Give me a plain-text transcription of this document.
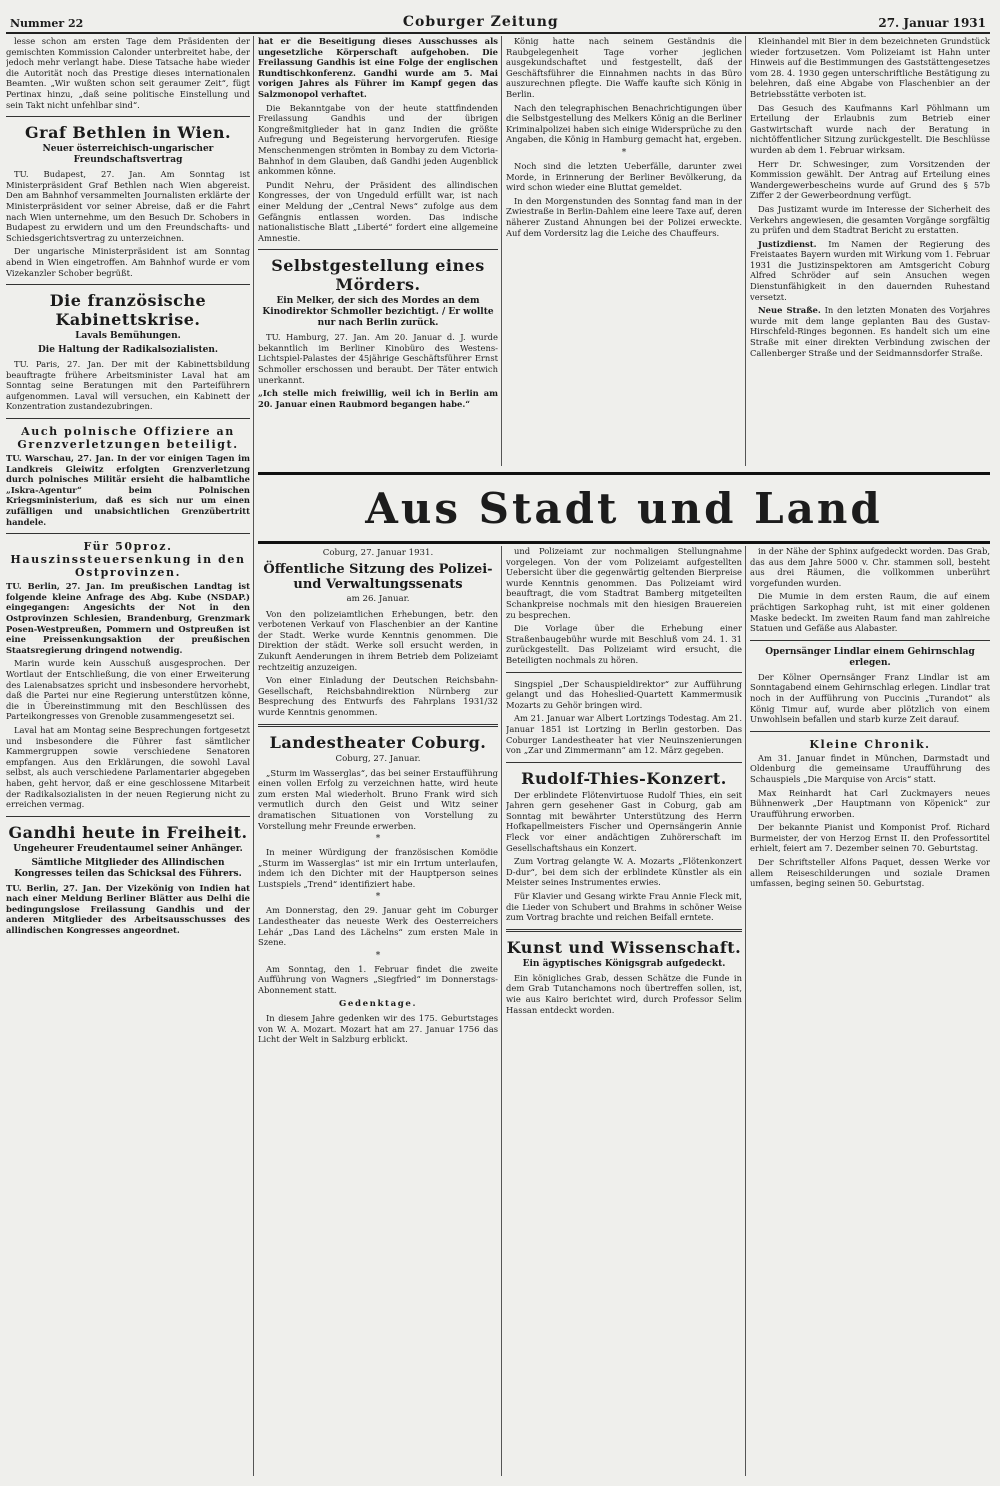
Nummer 22	Coburger Zeitung	27. Januar 1931

lesse schon am ersten Tage dem Präsidenten der gemischten Kommission Calonder unterbreitet habe, der jedoch mehr verlangt habe. Diese Tatsache habe wieder die Autorität noch das Prestige dieses internationalen Beamten. „Wir wußten schon seit geraumer Zeit“, fügt Pertinax hinzu, „daß seine politische Einstellung und sein Takt nicht unfehlbar sind“.

Graf Bethlen in Wien.
Neuer österreichisch-ungarischer Freundschaftsvertrag

TU. Budapest, 27. Jan. Am Sonntag ist Ministerpräsident Graf Bethlen nach Wien abgereist. Den am Bahnhof versammelten Journalisten erklärte der Ministerpräsident vor seiner Abreise, daß er die Fahrt nach Wien unternehme, um den Besuch Dr. Schobers in Budapest zu erwidern und um den Freundschafts- und Schiedsgerichtsvertrag zu unterzeichnen.

Der ungarische Ministerpräsident ist am Sonntag abend in Wien eingetroffen. Am Bahnhof wurde er vom Vizekanzler Schober begrüßt.

Die französische Kabinettskrise.
Lavals Bemühungen.
Die Haltung der Radikalsozialisten.

TU. Paris, 27. Jan. Der mit der Kabinettsbildung beauftragte frühere Arbeitsminister Laval hat am Sonntag seine Beratungen mit den Parteiführern aufgenommen. Laval will versuchen, ein Kabinett der Konzentration zustandezubringen.

Auch polnische Offiziere an Grenzverletzungen beteiligt.

TU. Warschau, 27. Jan. In der vor einigen Tagen im Landkreis Gleiwitz erfolgten Grenzverletzung durch polnisches Militär ersieht die halbamtliche „Iskra-Agentur“ beim Polnischen Kriegsministerium, daß es sich nur um einen zufälligen und unabsichtlichen Grenzübertritt handele.

Für 50proz. Hauszinssteuersenkung in den Ostprovinzen.

TU. Berlin, 27. Jan. Im preußischen Landtag ist folgende kleine Anfrage des Abg. Kube (NSDAP.) eingegangen: Angesichts der Not in den Ostprovinzen Schlesien, Brandenburg, Grenzmark Posen-Westpreußen, Pommern und Ostpreußen ist eine Preissenkungsaktion der preußischen Staatsregierung dringend notwendig.

Marin wurde kein Ausschuß ausgesprochen. Der Wortlaut der Entschließung, die von einer Erweiterung des Laienabsatzes spricht und insbesondere hervorhebt, daß die Partei nur eine Regierung unterstützen könne, die in Übereinstimmung mit den Beschlüssen des Parteikongresses von Grenoble zusammengesetzt sei.

Laval hat am Montag seine Besprechungen fortgesetzt und insbesondere die Führer fast sämtlicher Kammergruppen sowie verschiedene Senatoren empfangen. Aus den Erklärungen, die sowohl Laval selbst, als auch verschiedene Parlamentarier abgegeben haben, geht hervor, daß er eine geschlossene Mitarbeit der Radikalsozialisten in der neuen Regierung nicht zu erreichen vermag.

Gandhi heute in Freiheit.
Ungeheurer Freudentaumel seiner Anhänger.
Sämtliche Mitglieder des Allindischen Kongresses teilen das Schicksal des Führers.

TU. Berlin, 27. Jan. Der Vizekönig von Indien hat nach einer Meldung Berliner Blätter aus Delhi die bedingungslose Freilassung Gandhis und der anderen Mitglieder des Arbeitsausschusses des allindischen Kongresses angeordnet.

hat er die Beseitigung dieses Ausschusses als ungesetzliche Körperschaft aufgehoben. Die Freilassung Gandhis ist eine Folge der englischen Rundtischkonferenz. Gandhi wurde am 5. Mai vorigen Jahres als Führer im Kampf gegen das Salzmonopol verhaftet.

Die Bekanntgabe von der heute stattfindenden Freilassung Gandhis und der übrigen Kongreßmitglieder hat in ganz Indien die größte Aufregung und Begeisterung hervorgerufen. Riesige Menschenmengen strömten in Bombay zu dem Victoria-Bahnhof in dem Glauben, daß Gandhi jeden Augenblick ankommen könne.

Pundit Nehru, der Präsident des allindischen Kongresses, der von Ungeduld erfüllt war, ist nach einer Meldung der „Central News“ zufolge aus dem Gefängnis entlassen worden. Das indische nationalistische Blatt „Liberté“ fordert eine allgemeine Amnestie.

Selbstgestellung eines Mörders.
Ein Melker, der sich des Mordes an dem Kinodirektor Schmoller bezichtigt. / Er wollte nur nach Berlin zurück.

TU. Hamburg, 27. Jan. Am 20. Januar d. J. wurde bekanntlich im Berliner Kinobüro des Westens-Lichtspiel-Palastes der 45jährige Geschäftsführer Ernst Schmoller erschossen und beraubt. Der Täter entwich unerkannt.

„Ich stelle mich freiwillig, weil ich in Berlin am 20. Januar einen Raubmord begangen habe.“

König hatte nach seinem Geständnis die Raubgelegenheit Tage vorher jeglichen ausgekundschaftet und festgestellt, daß der Geschäftsführer die Einnahmen nachts in das Büro auszurechnen pflegte. Die Waffe kaufte sich König in Berlin.

Nach den telegraphischen Benachrichtigungen über die Selbstgestellung des Melkers König an die Berliner Kriminalpolizei haben sich einige Widersprüche zu den Angaben, die König in Hamburg gemacht hat, ergeben.

*

Noch sind die letzten Ueberfälle, darunter zwei Morde, in Erinnerung der Berliner Bevölkerung, da wird schon wieder eine Bluttat gemeldet.

In den Morgenstunden des Sonntag fand man in der Zwiestraße in Berlin-Dahlem eine leere Taxe auf, deren näherer Zustand Ahnungen bei der Polizei erweckte. Auf dem Vordersitz lag die Leiche des Chauffeurs.

Kleinhandel mit Bier in dem bezeichneten Grundstück wieder fortzusetzen. Vom Polizeiamt ist Hahn unter Hinweis auf die Bestimmungen des Gaststättengesetzes vom 28. 4. 1930 gegen unterschriftliche Bestätigung zu belehren, daß eine Abgabe von Flaschenbier an der Betriebsstätte verboten ist.

Das Gesuch des Kaufmanns Karl Pöhlmann um Erteilung der Erlaubnis zum Betrieb einer Gastwirtschaft wurde nach der Beratung in nichtöffentlicher Sitzung zurückgestellt. Die Beschlüsse wurden ab dem 1. Februar wirksam.

Herr Dr. Schwesinger, zum Vorsitzenden der Kommission gewählt. Der Antrag auf Erteilung eines Wandergewerbescheins wurde auf Grund des § 57b Ziffer 2 der Gewerbeordnung verfügt.

Das Justizamt wurde im Interesse der Sicherheit des Verkehrs angewiesen, die gesamten Vorgänge sorgfältig zu prüfen und dem Stadtrat Bericht zu erstatten.

Justizdienst. Im Namen der Regierung des Freistaates Bayern wurden mit Wirkung vom 1. Februar 1931 die Justizinspektoren am Amtsgericht Coburg Alfred Schröder auf sein Ansuchen wegen Dienstunfähigkeit in den dauernden Ruhestand versetzt.

Neue Straße. In den letzten Monaten des Vorjahres wurde mit dem lange geplanten Bau des Gustav-Hirschfeld-Ringes begonnen. Es handelt sich um eine Straße mit einer direkten Verbindung zwischen der Callenberger Straße und der Seidmannsdorfer Straße.

Aus Stadt und Land
Coburg, 27. Januar 1931.
Öffentliche Sitzung des Polizei- und Verwaltungssenats
am 26. Januar.

Von den polizeiamtlichen Erhebungen, betr. den verbotenen Verkauf von Flaschenbier an der Kantine der Stadt. Werke wurde Kenntnis genommen. Die Direktion der städt. Werke soll ersucht werden, in Zukunft Aenderungen in ihrem Betrieb dem Polizeiamt rechtzeitig anzuzeigen.

Von einer Einladung der Deutschen Reichsbahn-Gesellschaft, Reichsbahndirektion Nürnberg zur Besprechung des Entwurfs des Fahrplans 1931/32 wurde Kenntnis genommen.

Landestheater Coburg.
Coburg, 27. Januar.

„Sturm im Wasserglas“, das bei seiner Erstaufführung einen vollen Erfolg zu verzeichnen hatte, wird heute zum ersten Mal wiederholt. Bruno Frank wird sich vermutlich durch den Geist und Witz seiner dramatischen Situationen von Vorstellung zu Vorstellung mehr Freunde erwerben.

*

In meiner Würdigung der französischen Komödie „Sturm im Wasserglas“ ist mir ein Irrtum unterlaufen, indem ich den Dichter mit der Hauptperson seines Lustspiels „Trend“ identifiziert habe.

*

Am Donnerstag, den 29. Januar geht im Coburger Landestheater das neueste Werk des Oesterreichers Lehár „Das Land des Lächelns“ zum ersten Male in Szene.

*

Am Sonntag, den 1. Februar findet die zweite Aufführung von Wagners „Siegfried“ im Donnerstags-Abonnement statt.

Gedenktage.

In diesem Jahre gedenken wir des 175. Geburtstages von W. A. Mozart. Mozart hat am 27. Januar 1756 das Licht der Welt in Salzburg erblickt.

und Polizeiamt zur nochmaligen Stellungnahme vorgelegen. Von der vom Polizeiamt aufgestellten Uebersicht über die gegenwärtig geltenden Bierpreise wurde Kenntnis genommen. Das Polizeiamt wird beauftragt, die vom Stadtrat Bamberg mitgeteilten Schankpreise nochmals mit den hiesigen Brauereien zu besprechen.

Die Vorlage über die Erhebung einer Straßenbaugebühr wurde mit Beschluß vom 24. 1. 31 zurückgestellt. Das Polizeiamt wird ersucht, die Beteiligten nochmals zu hören.

Singspiel „Der Schauspieldirektor“ zur Aufführung gelangt und das Hoheslied-Quartett Kammermusik Mozarts zu Gehör bringen wird.

Am 21. Januar war Albert Lortzings Todestag. Am 21. Januar 1851 ist Lortzing in Berlin gestorben. Das Coburger Landestheater hat vier Neuinszenierungen von „Zar und Zimmermann“ am 12. März gegeben.

Rudolf-Thies-Konzert.

Der erblindete Flötenvirtuose Rudolf Thies, ein seit Jahren gern gesehener Gast in Coburg, gab am Sonntag mit bewährter Unterstützung des Herrn Hofkapellmeisters Fischer und Opernsängerin Annie Fleck vor einer andächtigen Zuhörerschaft im Gesellschaftshaus ein Konzert.

Zum Vortrag gelangte W. A. Mozarts „Flötenkonzert D-dur“, bei dem sich der erblindete Künstler als ein Meister seines Instrumentes erwies.

Für Klavier und Gesang wirkte Frau Annie Fleck mit, die Lieder von Schubert und Brahms in schöner Weise zum Vortrag brachte und reichen Beifall erntete.

Kunst und Wissenschaft.
Ein ägyptisches Königsgrab aufgedeckt.

Ein königliches Grab, dessen Schätze die Funde in dem Grab Tutanchamons noch übertreffen sollen, ist, wie aus Kairo berichtet wird, durch Professor Selim Hassan entdeckt worden.

in der Nähe der Sphinx aufgedeckt worden. Das Grab, das aus dem Jahre 5000 v. Chr. stammen soll, besteht aus drei Räumen, die vollkommen unberührt vorgefunden wurden.

Die Mumie in dem ersten Raum, die auf einem prächtigen Sarkophag ruht, ist mit einer goldenen Maske bedeckt. Im zweiten Raum fand man zahlreiche Statuen und Gefäße aus Alabaster.

Opernsänger Lindlar einem Gehirnschlag erlegen.

Der Kölner Opernsänger Franz Lindlar ist am Sonntagabend einem Gehirnschlag erlegen. Lindlar trat noch in der Aufführung von Puccinis „Turandot“ als König Timur auf, wurde aber plötzlich von einem Unwohlsein befallen und starb kurze Zeit darauf.

Kleine Chronik.

Am 31. Januar findet in München, Darmstadt und Oldenburg die gemeinsame Uraufführung des Schauspiels „Die Marquise von Arcis“ statt.

Max Reinhardt hat Carl Zuckmayers neues Bühnenwerk „Der Hauptmann von Köpenick“ zur Uraufführung erworben.

Der bekannte Pianist und Komponist Prof. Richard Burmeister, der von Herzog Ernst II. den Professortitel erhielt, feiert am 7. Dezember seinen 70. Geburtstag.

Der Schriftsteller Alfons Paquet, dessen Werke vor allem Reiseschilderungen und soziale Dramen umfassen, beging seinen 50. Geburtstag.
